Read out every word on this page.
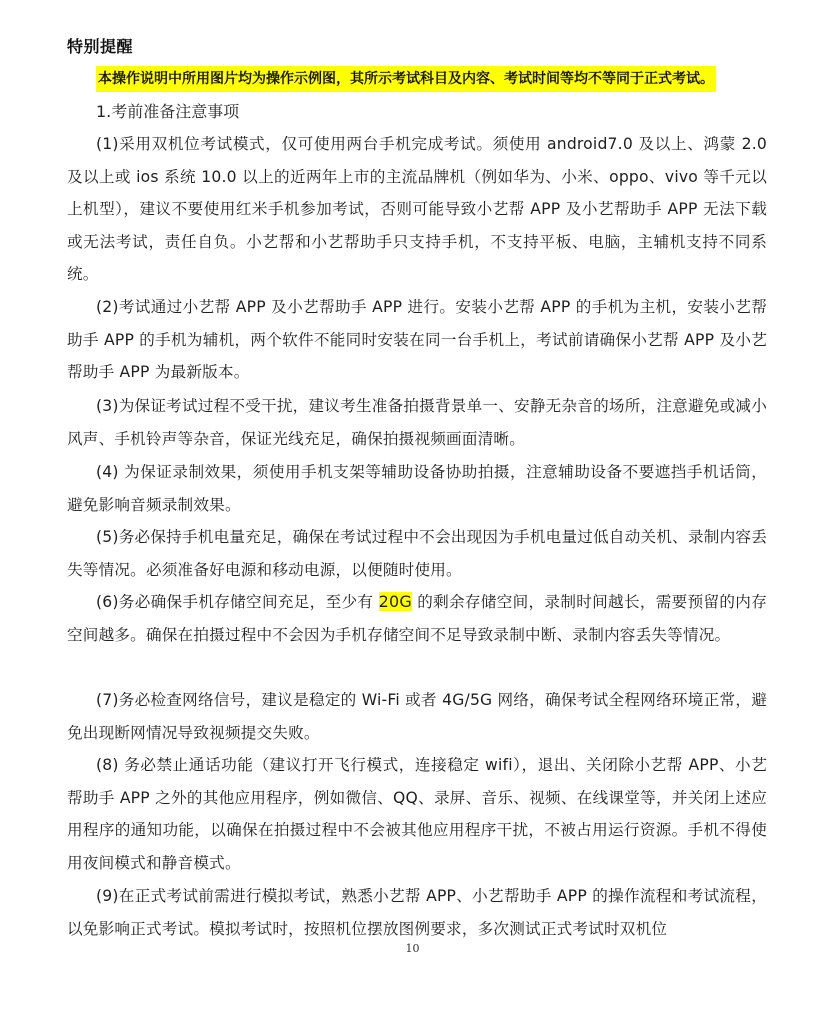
特别提醒
本操作说明中所用图片均为操作示例图，其所示考试科目及内容、考试时间等均不等同于正式考试。
1.考前准备注意事项

(1)采用双机位考试模式，仅可使用两台手机完成考试。须使用 android7.0 及以上、鸿蒙 2.0 及以上或 ios 系统 10.0 以上的近两年上市的主流品牌机（例如华为、小米、oppo、vivo 等千元以上机型），建议不要使用红米手机参加考试，否则可能导致小艺帮 APP 及小艺帮助手 APP 无法下载或无法考试，责任自负。小艺帮和小艺帮助手只支持手机，不支持平板、电脑，主辅机支持不同系统。

(2)考试通过小艺帮 APP 及小艺帮助手 APP 进行。安装小艺帮 APP 的手机为主机，安装小艺帮助手 APP 的手机为辅机，两个软件不能同时安装在同一台手机上，考试前请确保小艺帮 APP 及小艺帮助手 APP 为最新版本。

(3)为保证考试过程不受干扰，建议考生准备拍摄背景单一、安静无杂音的场所，注意避免或减小风声、手机铃声等杂音，保证光线充足，确保拍摄视频画面清晰。

(4) 为保证录制效果，须使用手机支架等辅助设备协助拍摄，注意辅助设备不要遮挡手机话筒，避免影响音频录制效果。

(5)务必保持手机电量充足，确保在考试过程中不会出现因为手机电量过低自动关机、录制内容丢失等情况。必须准备好电源和移动电源，以便随时使用。

(6)务必确保手机存储空间充足，至少有 20G 的剩余存储空间，录制时间越长，需要预留的内存空间越多。确保在拍摄过程中不会因为手机存储空间不足导致录制中断、录制内容丢失等情况。

(7)务必检查网络信号，建议是稳定的 Wi-Fi 或者 4G/5G 网络，确保考试全程网络环境正常，避免出现断网情况导致视频提交失败。

(8) 务必禁止通话功能（建议打开飞行模式，连接稳定 wifi），退出、关闭除小艺帮 APP、小艺帮助手 APP 之外的其他应用程序，例如微信、QQ、录屏、音乐、视频、在线课堂等，并关闭上述应用程序的通知功能，以确保在拍摄过程中不会被其他应用程序干扰，不被占用运行资源。手机不得使用夜间模式和静音模式。

(9)在正式考试前需进行模拟考试，熟悉小艺帮 APP、小艺帮助手 APP 的操作流程和考试流程，以免影响正式考试。模拟考试时，按照机位摆放图例要求，多次测试正式考试时双机位

10
